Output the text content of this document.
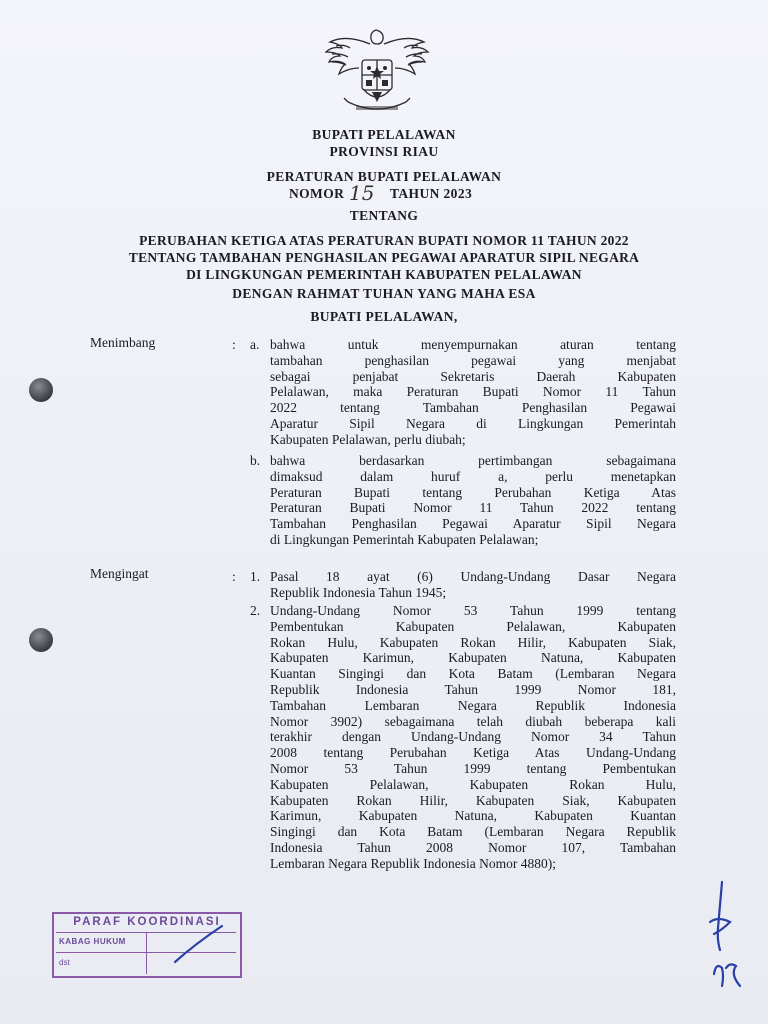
BUPATI PELALAWAN
PROVINSI RIAU
PERATURAN BUPATI PELALAWAN
NOMOR 15 TAHUN 2023
TENTANG
PERUBAHAN KETIGA ATAS PERATURAN BUPATI NOMOR 11 TAHUN 2022
TENTANG TAMBAHAN PENGHASILAN PEGAWAI APARATUR SIPIL NEGARA
DI LINGKUNGAN PEMERINTAH KABUPATEN PELALAWAN
DENGAN RAHMAT TUHAN YANG MAHA ESA
BUPATI PELALAWAN,
Menimbang	: a. bahwa untuk menyempurnakan aturan tentang
tambahan penghasilan pegawai yang menjabat
sebagai penjabat Sekretaris Daerah Kabupaten
Pelalawan, maka Peraturan Bupati Nomor 11 Tahun
2022 tentang Tambahan Penghasilan Pegawai
Aparatur Sipil Negara di Lingkungan Pemerintah
Kabupaten Pelalawan, perlu diubah;
b. bahwa berdasarkan pertimbangan sebagaimana
dimaksud dalam huruf a, perlu menetapkan
Peraturan Bupati tentang Perubahan Ketiga Atas
Peraturan Bupati Nomor 11 Tahun 2022 tentang
Tambahan Penghasilan Pegawai Aparatur Sipil Negara
di Lingkungan Pemerintah Kabupaten Pelalawan;
Mengingat	: 1. Pasal 18 ayat (6) Undang-Undang Dasar Negara
Republik Indonesia Tahun 1945;
2. Undang-Undang Nomor 53 Tahun 1999 tentang
Pembentukan Kabupaten Pelalawan, Kabupaten
Rokan Hulu, Kabupaten Rokan Hilir, Kabupaten Siak,
Kabupaten Karimun, Kabupaten Natuna, Kabupaten
Kuantan Singingi dan Kota Batam (Lembaran Negara
Republik Indonesia Tahun 1999 Nomor 181,
Tambahan Lembaran Negara Republik Indonesia
Nomor 3902) sebagaimana telah diubah beberapa kali
terakhir dengan Undang-Undang Nomor 34 Tahun
2008 tentang Perubahan Ketiga Atas Undang-Undang
Nomor 53 Tahun 1999 tentang Pembentukan
Kabupaten Pelalawan, Kabupaten Rokan Hulu,
Kabupaten Rokan Hilir, Kabupaten Siak, Kabupaten
Karimun, Kabupaten Natuna, Kabupaten Kuantan
Singingi dan Kota Batam (Lembaran Negara Republik
Indonesia Tahun 2008 Nomor 107, Tambahan
Lembaran Negara Republik Indonesia Nomor 4880);
PARAF KOORDINASI
KABAG HUKUM
dst
